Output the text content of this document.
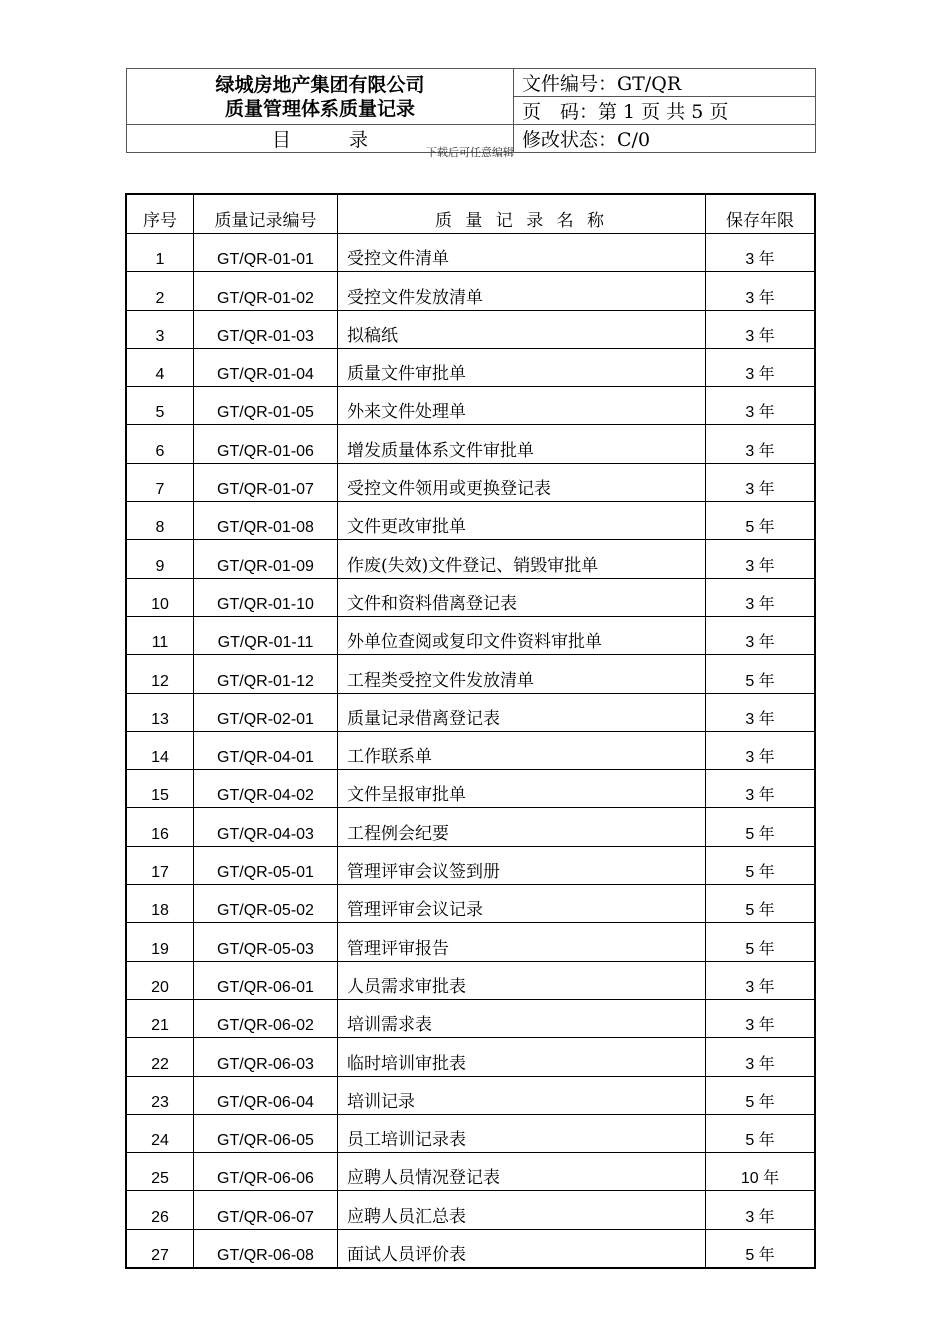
绿城房地产集团有限公司
质量管理体系质量记录	文件编号：GT/QR
	页　码：第 1 页 共 5 页
目 录	修改状态：C/0
下载后可任意编辑
序号	质量记录编号	质 量 记 录 名 称	保存年限
1	GT/QR-01-01	受控文件清单	3 年
2	GT/QR-01-02	受控文件发放清单	3 年
3	GT/QR-01-03	拟稿纸	3 年
4	GT/QR-01-04	质量文件审批单	3 年
5	GT/QR-01-05	外来文件处理单	3 年
6	GT/QR-01-06	增发质量体系文件审批单	3 年
7	GT/QR-01-07	受控文件领用或更换登记表	3 年
8	GT/QR-01-08	文件更改审批单	5 年
9	GT/QR-01-09	作废(失效)文件登记、销毁审批单	3 年
10	GT/QR-01-10	文件和资料借离登记表	3 年
11	GT/QR-01-11	外单位查阅或复印文件资料审批单	3 年
12	GT/QR-01-12	工程类受控文件发放清单	5 年
13	GT/QR-02-01	质量记录借离登记表	3 年
14	GT/QR-04-01	工作联系单	3 年
15	GT/QR-04-02	文件呈报审批单	3 年
16	GT/QR-04-03	工程例会纪要	5 年
17	GT/QR-05-01	管理评审会议签到册	5 年
18	GT/QR-05-02	管理评审会议记录	5 年
19	GT/QR-05-03	管理评审报告	5 年
20	GT/QR-06-01	人员需求审批表	3 年
21	GT/QR-06-02	培训需求表	3 年
22	GT/QR-06-03	临时培训审批表	3 年
23	GT/QR-06-04	培训记录	5 年
24	GT/QR-06-05	员工培训记录表	5 年
25	GT/QR-06-06	应聘人员情况登记表	10 年
26	GT/QR-06-07	应聘人员汇总表	3 年
27	GT/QR-06-08	面试人员评价表	5 年
